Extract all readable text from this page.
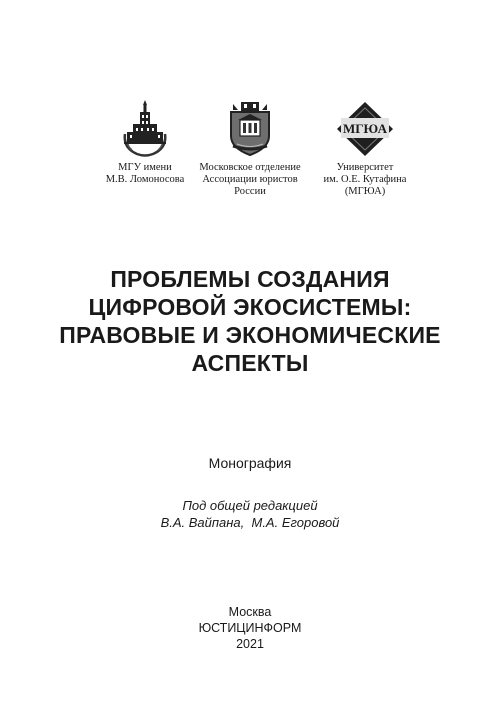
МГУ имени
М.В. Ломоносова
Московское отделение
Ассоциации юристов
России
МГЮА
Университет
им. О.Е. Кутафина
(МГЮА)
ПРОБЛЕМЫ СОЗДАНИЯ
ЦИФРОВОЙ ЭКОСИСТЕМЫ:
ПРАВОВЫЕ И ЭКОНОМИЧЕСКИЕ
АСПЕКТЫ
Монография
Под общей редакцией
В.А. Вайпана,  М.А. Егоровой
Москва
ЮСТИЦИНФОРМ
2021
